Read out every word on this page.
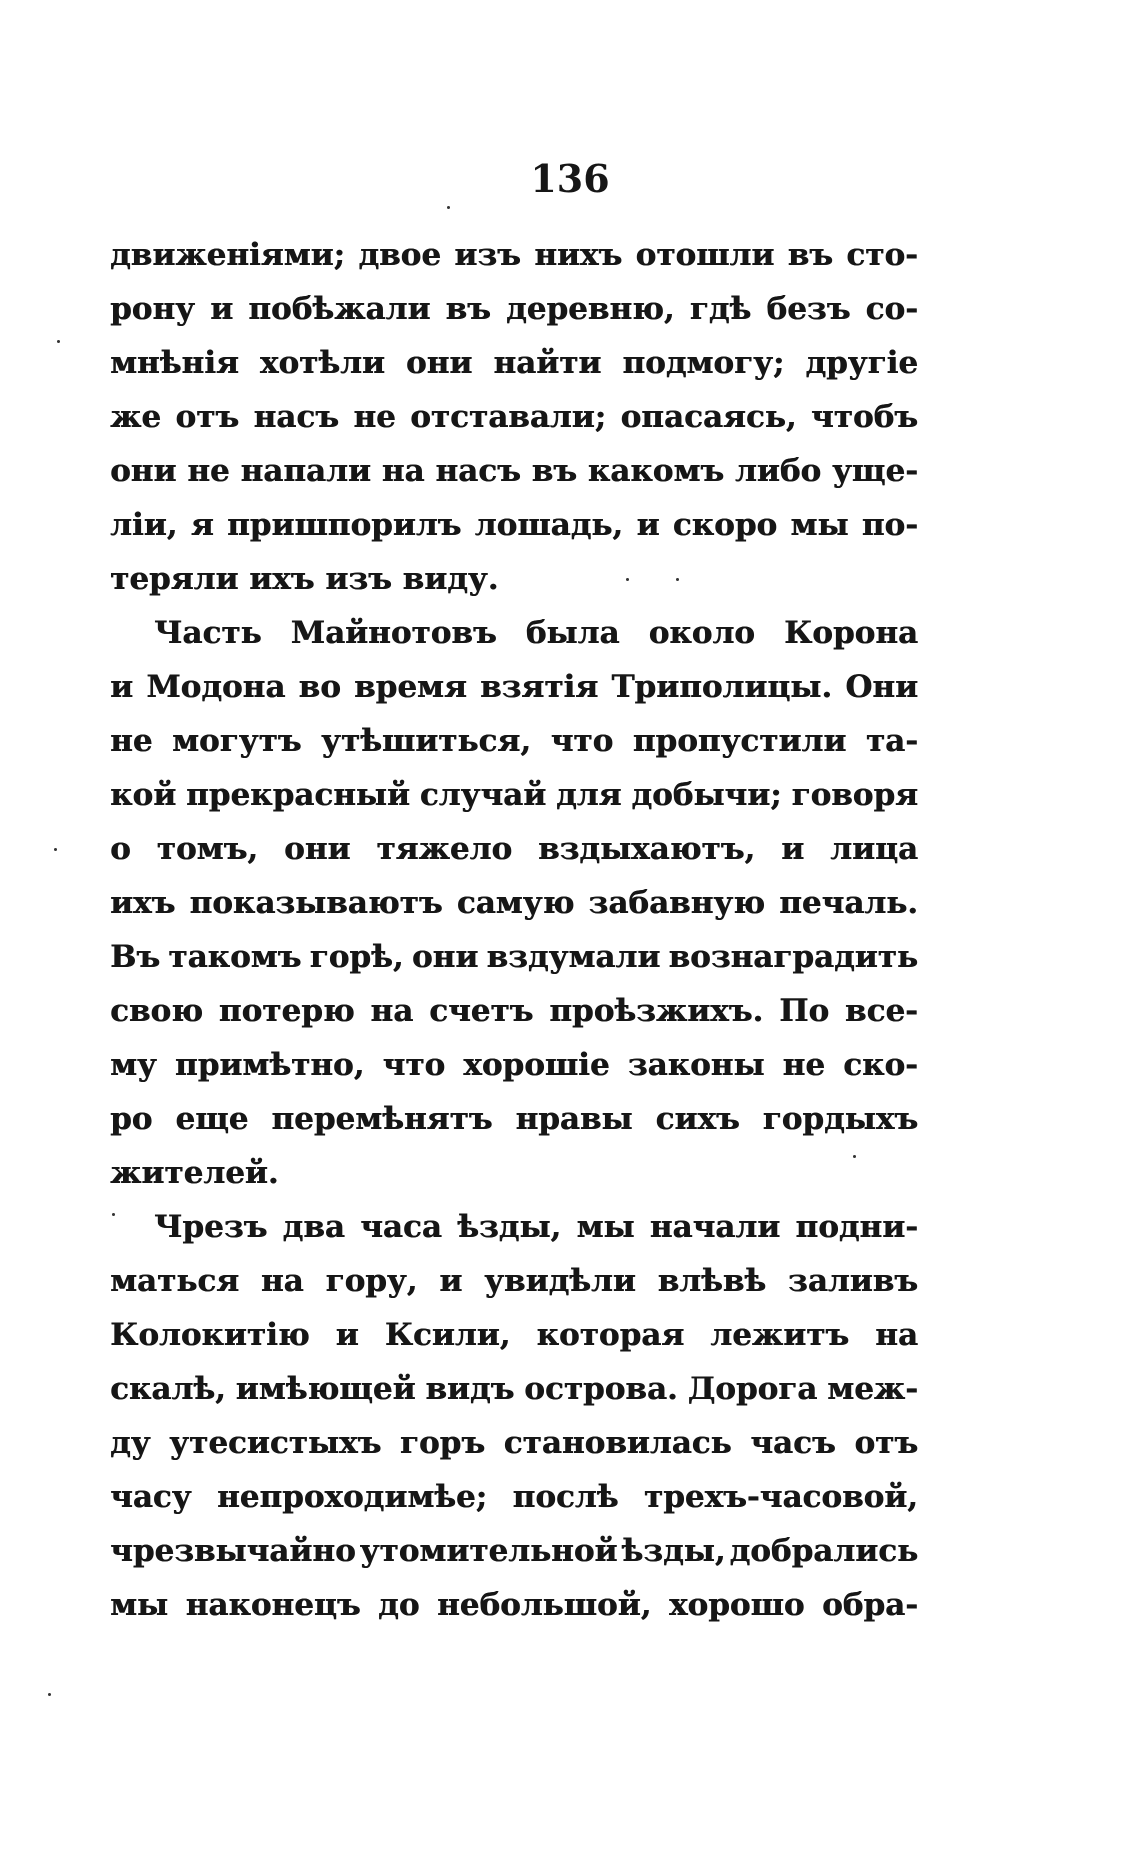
136
движеніями; двое изъ нихъ отошли въ сто-
рону и побѣжали въ деревню, гдѣ безъ со-
мнѣнія хотѣли они найти подмогу; другіе
же отъ насъ не отставали; опасаясь, чтобъ
они не напали на насъ въ какомъ либо уще-
ліи, я пришпорилъ лошадь, и скоро мы по-
теряли ихъ изъ виду.
Часть Майнотовъ была около Корона
и Модона во время взятія Триполицы. Они
не могутъ утѣшиться, что пропустили та-
кой прекрасный случай для добычи; говоря
о томъ, они тяжело вздыхаютъ, и лица
ихъ показываютъ самую забавную печаль.
Въ такомъ горѣ, они вздумали вознаградить
свою потерю на счетъ проѣзжихъ. По все-
му примѣтно, что хорошіе законы не ско-
ро еще перемѣнятъ нравы сихъ гордыхъ
жителей.
Чрезъ два часа ѣзды, мы начали подни-
маться на гору, и увидѣли влѣвѣ заливъ
Колокитію и Ксили, которая лежитъ на
скалѣ, имѣющей видъ острова. Дорога меж-
ду утесистыхъ горъ становилась часъ отъ
часу непроходимѣе; послѣ трехъ-часовой,
чрезвычайно утомительной ѣзды, добрались
мы наконецъ до небольшой, хорошо обра-
